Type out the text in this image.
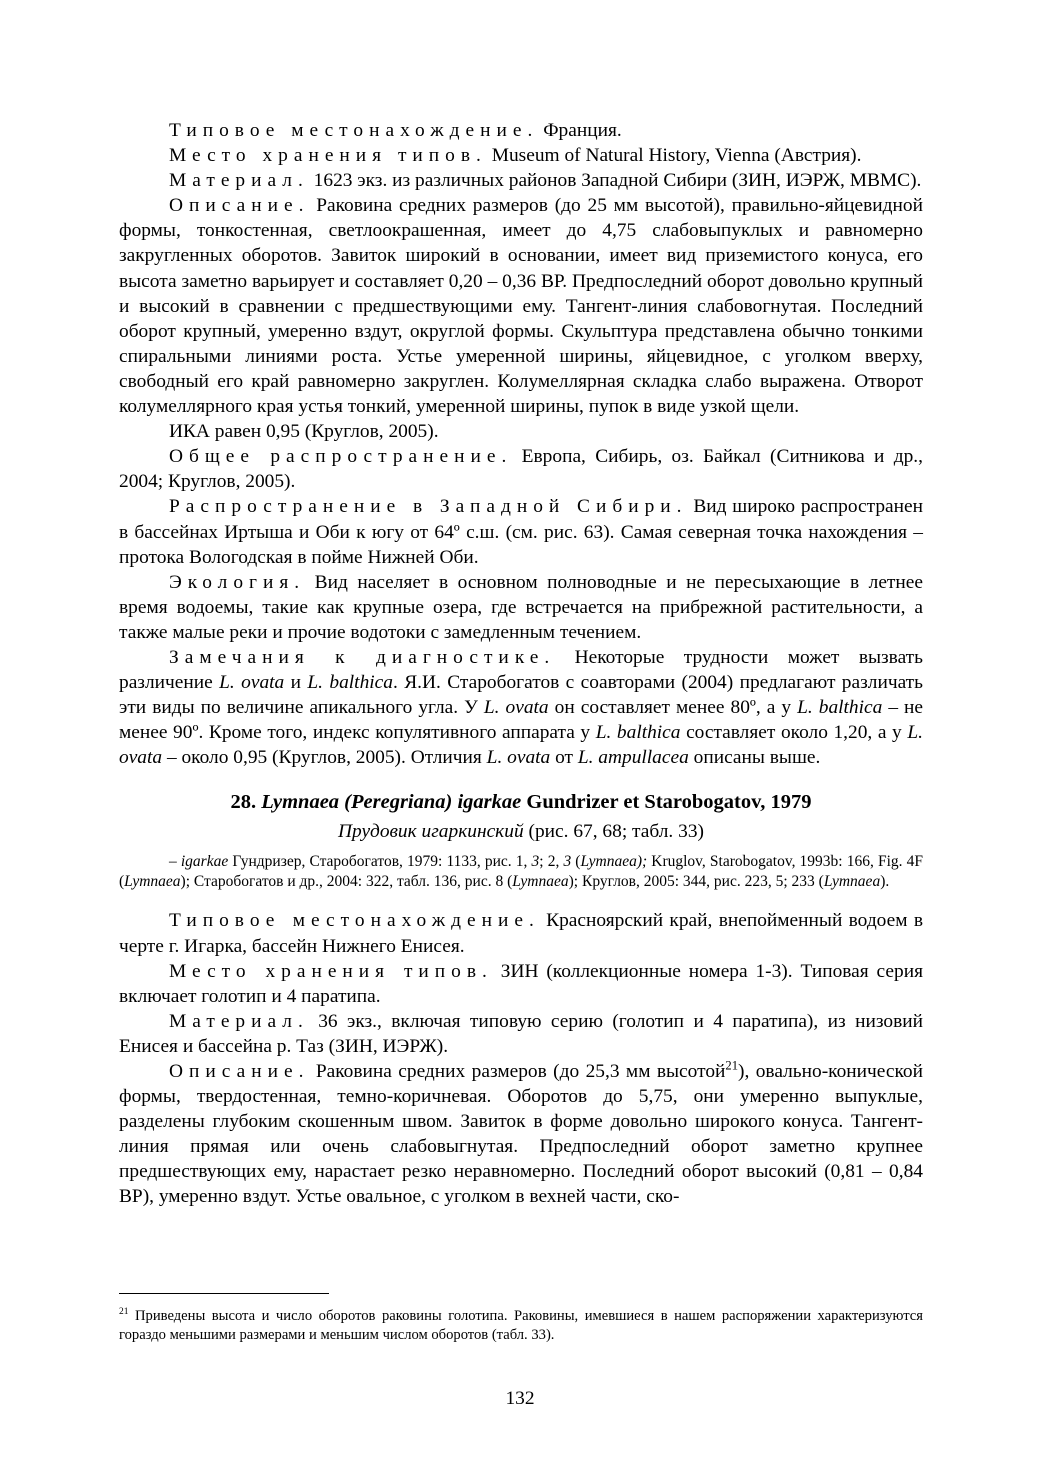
Типовое местонахождение. Франция.

Место хранения типов. Museum of Natural History, Vienna (Австрия).

Материал. 1623 экз. из различных районов Западной Сибири (ЗИН, ИЭРЖ, МВМС).

Описание. Раковина средних размеров (до 25 мм высотой), правильно-яйцевидной формы, тонкостенная, светлоокрашенная, имеет до 4,75 слабовыпуклых и равномерно закругленных оборотов. Завиток широкий в основании, имеет вид приземистого конуса, его высота заметно варьирует и составляет 0,20 – 0,36 ВР. Предпоследний оборот довольно крупный и высокий в сравнении с предшествующими ему. Тангент-линия слабовогнутая. Последний оборот крупный, умеренно вздут, округлой формы. Скульптура представлена обычно тонкими спиральными линиями роста. Устье умеренной ширины, яйцевидное, с уголком вверху, свободный его край равномерно закруглен. Колумеллярная складка слабо выражена. Отворот колумеллярного края устья тонкий, умеренной ширины, пупок в виде узкой щели.

ИКА равен 0,95 (Круглов, 2005).

Общее распространение. Европа, Сибирь, оз. Байкал (Ситникова и др., 2004; Круглов, 2005).

Распространение в Западной Сибири. Вид широко распространен в бассейнах Иртыша и Оби к югу от 64º с.ш. (см. рис. 63). Самая северная точка нахождения – протока Вологодская в пойме Нижней Оби.

Экология. Вид населяет в основном полноводные и не пересыхающие в летнее время водоемы, такие как крупные озера, где встречается на прибрежной растительности, а также малые реки и прочие водотоки с замедленным течением.

Замечания к диагностике. Некоторые трудности может вызвать различение L. ovata и L. balthica. Я.И. Старобогатов с соавторами (2004) предлагают различать эти виды по величине апикального угла. У L. ovata он составляет менее 80º, а у L. balthica – не менее 90º. Кроме того, индекс копулятивного аппарата у L. balthica составляет около 1,20, а у L. ovata – около 0,95 (Круглов, 2005). Отличия L. ovata от L. ampullacea описаны выше.

28. Lymnaea (Peregriana) igarkae Gundrizer et Starobogatov, 1979
Прудовик игаркинский (рис. 67, 68; табл. 33)

– igarkae Гундризер, Старобогатов, 1979: 1133, рис. 1, 3; 2, 3 (Lymnaea); Kruglov, Starobogatov, 1993b: 166, Fig. 4F (Lymnaea); Старобогатов и др., 2004: 322, табл. 136, рис. 8 (Lymnaea); Круглов, 2005: 344, рис. 223, 5; 233 (Lymnaea).

Типовое местонахождение. Красноярский край, внепойменный водоем в черте г. Игарка, бассейн Нижнего Енисея.

Место хранения типов. ЗИН (коллекционные номера 1-3). Типовая серия включает голотип и 4 паратипа.

Материал. 36 экз., включая типовую серию (голотип и 4 паратипа), из низовий Енисея и бассейна р. Таз (ЗИН, ИЭРЖ).

Описание. Раковина средних размеров (до 25,3 мм высотой$^{21}$), овально-конической формы, твердостенная, темно-коричневая. Оборотов до 5,75, они умеренно выпуклые, разделены глубоким скошенным швом. Завиток в форме довольно широкого конуса. Тангент-линия прямая или очень слабовыгнутая. Предпоследний оборот заметно крупнее предшествующих ему, нарастает резко неравномерно. Последний оборот высокий (0,81 – 0,84 ВР), умеренно вздут. Устье овальное, с уголком в вехней части, ско-

$^{21}$ Приведены высота и число оборотов раковины голотипа. Раковины, имевшиеся в нашем распоряжении характеризуются гораздо меньшими размерами и меньшим числом оборотов (табл. 33).
132
